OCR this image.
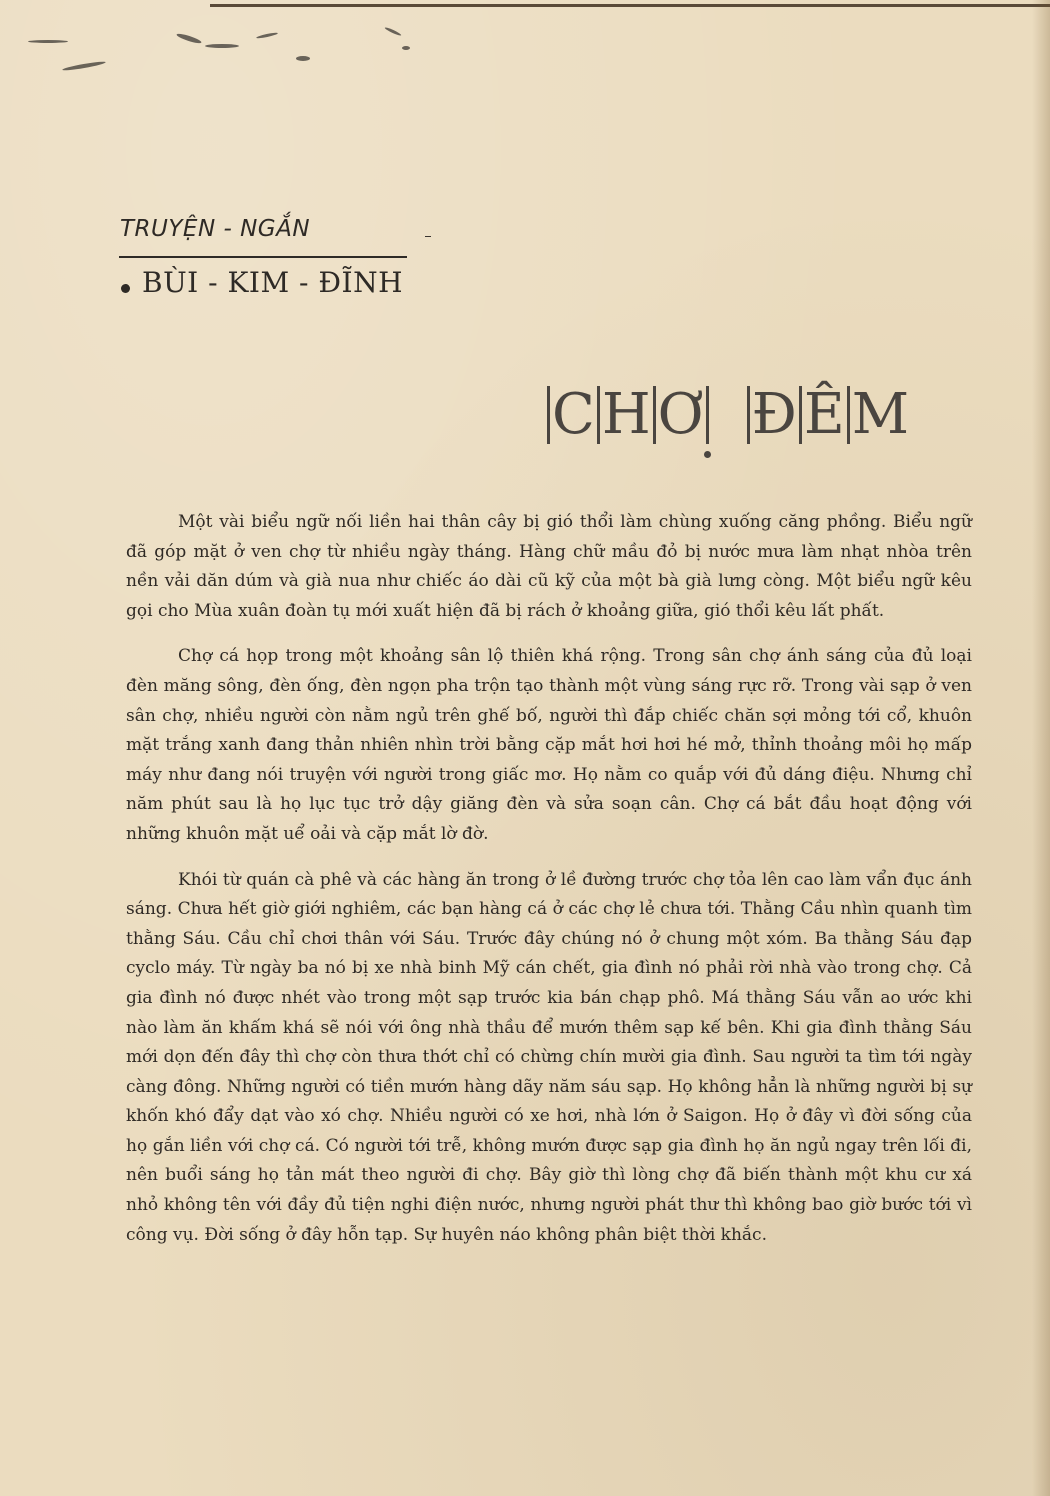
TRUYỆN - NGẮN
BÙI - KIM - ĐĨNH
C H Ơ Đ Ê M

Một vài biểu ngữ nối liền hai thân cây bị gió thổi làm chùng xuống căng phồng. Biểu ngữ đã góp mặt ở ven chợ từ nhiều ngày tháng. Hàng chữ mầu đỏ bị nước mưa làm nhạt nhòa trên nền vải dăn dúm và già nua như chiếc áo dài cũ kỹ của một bà già lưng còng. Một biểu ngữ kêu gọi cho Mùa xuân đoàn tụ mới xuất hiện đã bị rách ở khoảng giữa, gió thổi kêu lất phất.

Chợ cá họp trong một khoảng sân lộ thiên khá rộng. Trong sân chợ ánh sáng của đủ loại đèn măng sông, đèn ống, đèn ngọn pha trộn tạo thành một vùng sáng rực rỡ. Trong vài sạp ở ven sân chợ, nhiều người còn nằm ngủ trên ghế bố, người thì đắp chiếc chăn sợi mỏng tới cổ, khuôn mặt trắng xanh đang thản nhiên nhìn trời bằng cặp mắt hơi hơi hé mở, thỉnh thoảng môi họ mấp máy như đang nói truyện với người trong giấc mơ. Họ nằm co quắp với đủ dáng điệu. Nhưng chỉ năm phút sau là họ lục tục trở dậy giăng đèn và sửa soạn cân. Chợ cá bắt đầu hoạt động với những khuôn mặt uể oải và cặp mắt lờ đờ.

Khói từ quán cà phê và các hàng ăn trong ở lề đường trước chợ tỏa lên cao làm vẩn đục ánh sáng. Chưa hết giờ giới nghiêm, các bạn hàng cá ở các chợ lẻ chưa tới. Thằng Cầu nhìn quanh tìm thằng Sáu. Cầu chỉ chơi thân với Sáu. Trước đây chúng nó ở chung một xóm. Ba thằng Sáu đạp cyclo máy. Từ ngày ba nó bị xe nhà binh Mỹ cán chết, gia đình nó phải rời nhà vào trong chợ. Cả gia đình nó được nhét vào trong một sạp trước kia bán chạp phô. Má thằng Sáu vẫn ao ước khi nào làm ăn khấm khá sẽ nói với ông nhà thầu để mướn thêm sạp kế bên. Khi gia đình thằng Sáu mới dọn đến đây thì chợ còn thưa thớt chỉ có chừng chín mười gia đình. Sau người ta tìm tới ngày càng đông. Những người có tiền mướn hàng dãy năm sáu sạp. Họ không hẳn là những người bị sự khốn khó đẩy dạt vào xó chợ. Nhiều người có xe hơi, nhà lớn ở Saigon. Họ ở đây vì đời sống của họ gắn liền với chợ cá. Có người tới trễ, không mướn được sạp gia đình họ ăn ngủ ngay trên lối đi, nên buổi sáng họ tản mát theo người đi chợ. Bây giờ thì lòng chợ đã biến thành một khu cư xá nhỏ không tên với đầy đủ tiện nghi điện nước, nhưng người phát thư thì không bao giờ bước tới vì công vụ. Đời sống ở đây hỗn tạp. Sự huyên náo không phân biệt thời khắc.
